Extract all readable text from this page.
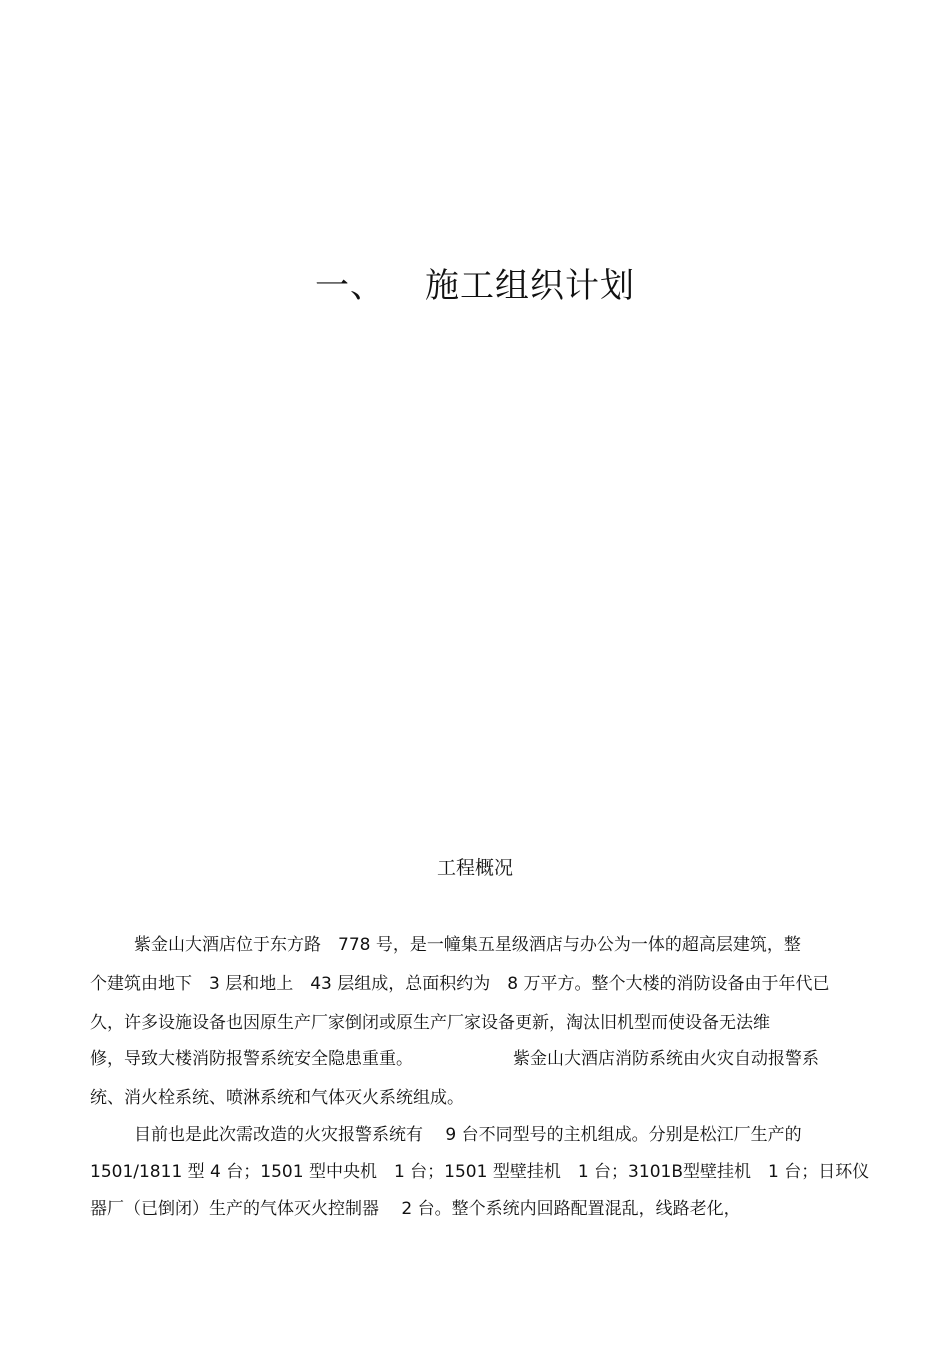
一、 施工组织计划
工程概况
紫金山大酒店位于东方路　778 号，是一幢集五星级酒店与办公为一体的超高层建筑，整
个建筑由地下　3 层和地上　43 层组成，总面积约为　8 万平方。整个大楼的消防设备由于年代已
久，许多设施设备也因原生产厂家倒闭或原生产厂家设备更新，淘汰旧机型而使设备无法维
修，导致大楼消防报警系统安全隐患重重。	紫金山大酒店消防系统由火灾自动报警系
统、消火栓系统、喷淋系统和气体灭火系统组成。
目前也是此次需改造的火灾报警系统有　 9 台不同型号的主机组成。分别是松江厂生产的
1501/1811 型 4 台；1501 型中央机　1 台；1501 型壁挂机　1 台；3101B型壁挂机　1 台；日环仪
器厂（已倒闭）生产的气体灭火控制器　 2 台。整个系统内回路配置混乱，线路老化，
